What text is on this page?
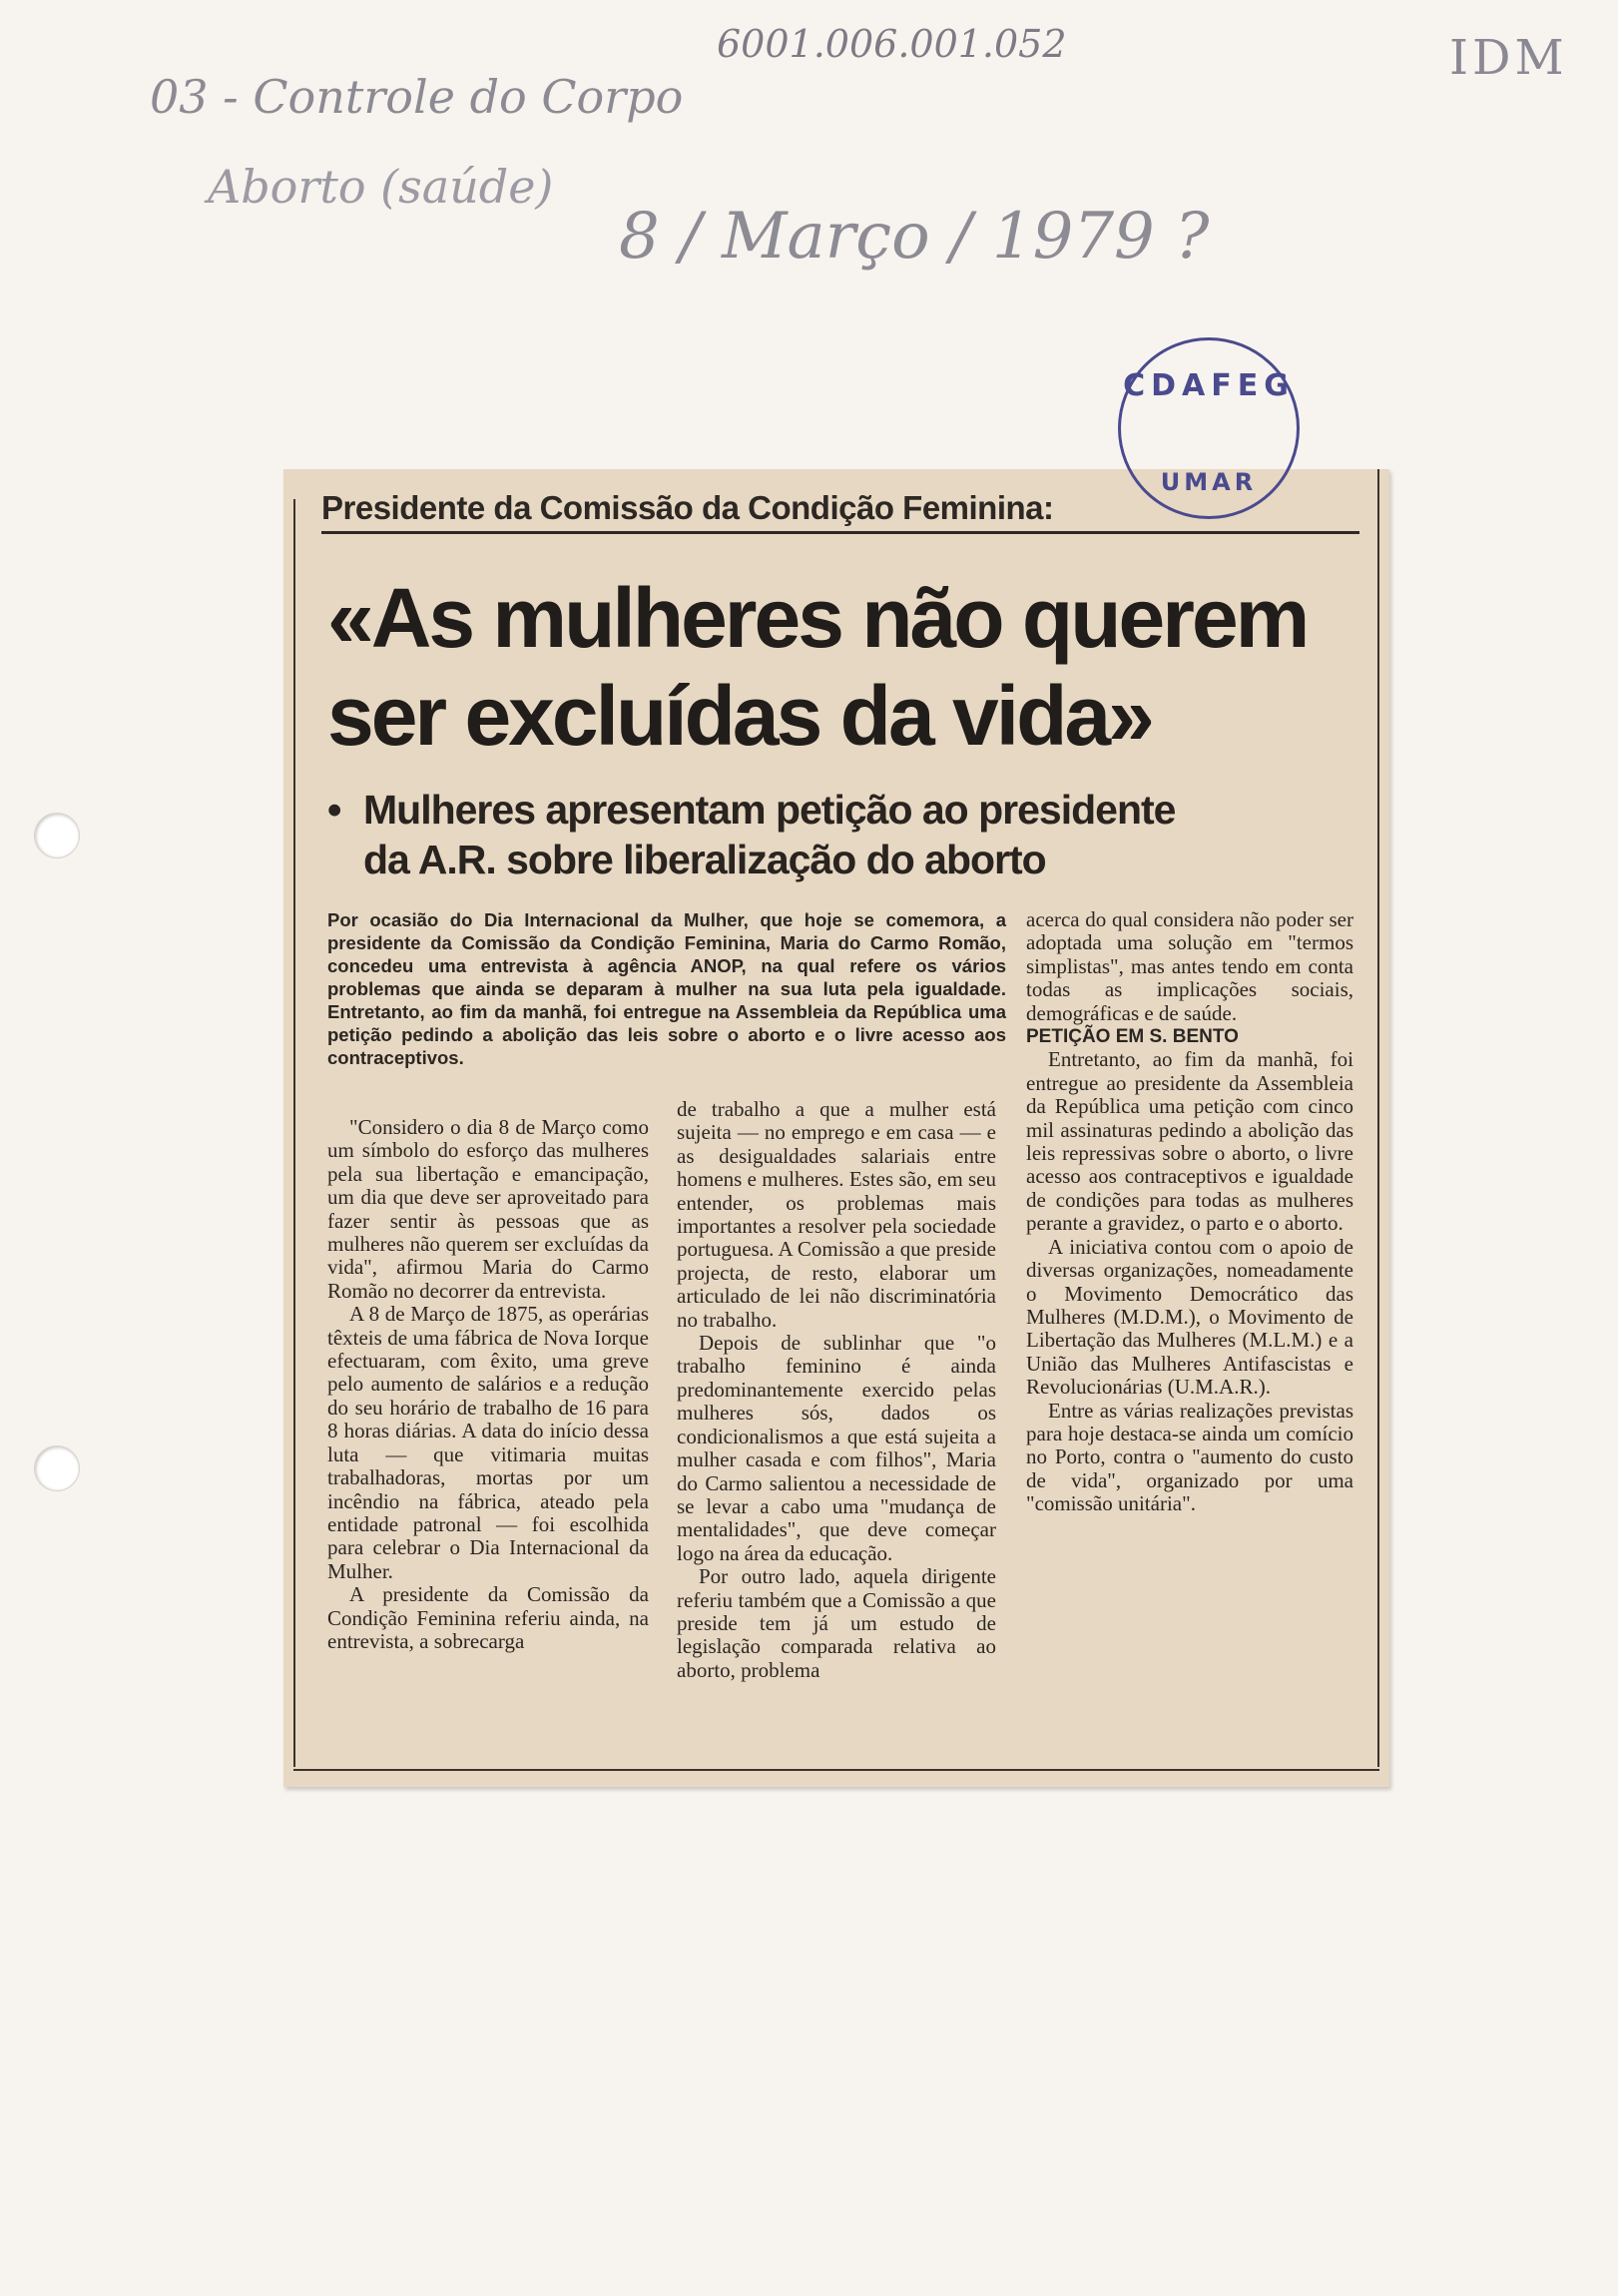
6001.006.001.052	IDM
03 - Controle do Corpo
Aborto (saúde)
8 / Março / 1979 ?
Presidente da Comissão da Condição Feminina:
«As mulheres não querem
ser excluídas da vida»
• Mulheres apresentam petição ao presidente
da A.R. sobre liberalização do aborto
Por ocasião do Dia Internacional da Mulher, que hoje se comemora, a presidente da Comissão da Condição Feminina, Maria do Carmo Romão, concedeu uma entrevista à agência ANOP, na qual refere os vários problemas que ainda se deparam à mulher na sua luta pela igualdade. Entretanto, ao fim da manhã, foi entregue na Assembleia da República uma petição pedindo a abolição das leis sobre o aborto e o livre acesso aos contraceptivos.

"Considero o dia 8 de Março como um símbolo do esforço das mulheres pela sua libertação e emancipação, um dia que deve ser aproveitado para fazer sentir às pessoas que as mulheres não querem ser excluídas da vida", afirmou Maria do Carmo Romão no decorrer da entrevista.

A 8 de Março de 1875, as operárias têxteis de uma fábrica de Nova Iorque efectuaram, com êxito, uma greve pelo aumento de salários e a redução do seu horário de trabalho de 16 para 8 horas diárias. A data do início dessa luta — que vitimaria muitas trabalhadoras, mortas por um incêndio na fábrica, ateado pela entidade patronal — foi escolhida para celebrar o Dia Internacional da Mulher.

A presidente da Comissão da Condição Feminina referiu ainda, na entrevista, a sobrecarga

de trabalho a que a mulher está sujeita — no emprego e em casa — e as desigualdades salariais entre homens e mulheres. Estes são, em seu entender, os problemas mais importantes a resolver pela sociedade portuguesa. A Comissão a que preside projecta, de resto, elaborar um articulado de lei não discriminatória no trabalho.

Depois de sublinhar que "o trabalho feminino é ainda predominantemente exercido pelas mulheres sós, dados os condicionalismos a que está sujeita a mulher casada e com filhos", Maria do Carmo salientou a necessidade de se levar a cabo uma "mudança de mentalidades", que deve começar logo na área da educação.

Por outro lado, aquela dirigente referiu também que a Comissão a que preside tem já um estudo de legislação comparada relativa ao aborto, problema

acerca do qual considera não poder ser adoptada uma solução em "termos simplistas", mas antes tendo em conta todas as implicações sociais, demográficas e de saúde.

PETIÇÃO EM S. BENTO

Entretanto, ao fim da manhã, foi entregue ao presidente da Assembleia da República uma petição com cinco mil assinaturas pedindo a abolição das leis repressivas sobre o aborto, o livre acesso aos contraceptivos e igualdade de condições para todas as mulheres perante a gravidez, o parto e o aborto.

A iniciativa contou com o apoio de diversas organizações, nomeadamente o Movimento Democrático das Mulheres (M.D.M.), o Movimento de Libertação das Mulheres (M.L.M.) e a União das Mulheres Antifascistas e Revolucionárias (U.M.A.R.).

Entre as várias realizações previstas para hoje destaca-se ainda um comício no Porto, contra o "aumento do custo de vida", organizado por uma "comissão unitária".

CDAFEG
UMAR
